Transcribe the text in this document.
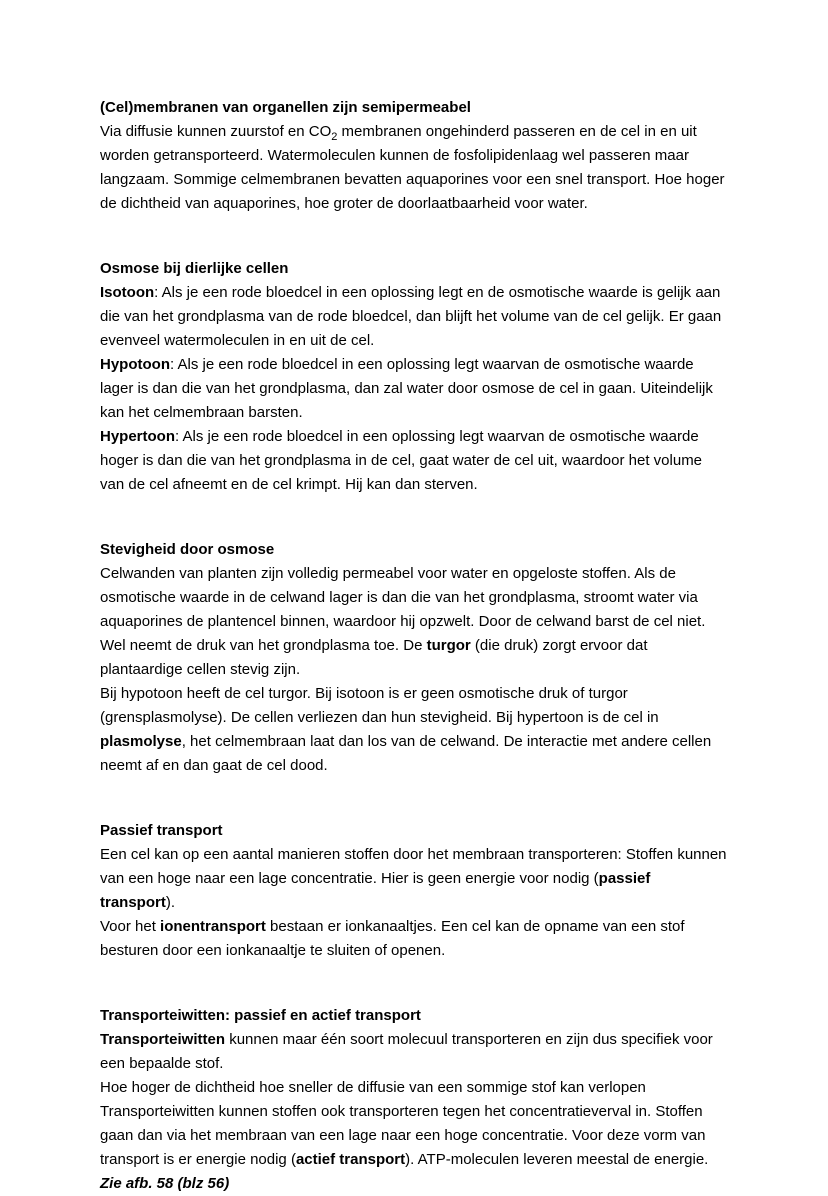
(Cel)membranen van organellen zijn semipermeabel

Via diffusie kunnen zuurstof en $CO_2$ membranen ongehinderd passeren en de cel in en uit worden getransporteerd. Watermoleculen kunnen de fosfolipidenlaag wel passeren maar langzaam. Sommige celmembranen bevatten aquaporines voor een snel transport. Hoe hoger de dichtheid van aquaporines, hoe groter de doorlaatbaarheid voor water.

Osmose bij dierlijke cellen

Isotoon: Als je een rode bloedcel in een oplossing legt en de osmotische waarde is gelijk aan die van het grondplasma van de rode bloedcel, dan blijft het volume van de cel gelijk. Er gaan evenveel watermoleculen in en uit de cel.

Hypotoon: Als je een rode bloedcel in een oplossing legt waarvan de osmotische waarde lager is dan die van het grondplasma, dan zal water door osmose de cel in gaan. Uiteindelijk kan het celmembraan barsten.

Hypertoon: Als je een rode bloedcel in een oplossing legt waarvan de osmotische waarde hoger is dan die van het grondplasma in de cel, gaat water de cel uit, waardoor het volume van de cel afneemt en de cel krimpt. Hij kan dan sterven.

Stevigheid door osmose

Celwanden van planten zijn volledig permeabel voor water en opgeloste stoffen. Als de osmotische waarde in de celwand lager is dan die van het grondplasma, stroomt water via aquaporines de plantencel binnen, waardoor hij opzwelt. Door de celwand barst de cel niet. Wel neemt de druk van het grondplasma toe. De turgor (die druk) zorgt ervoor dat plantaardige cellen stevig zijn.

Bij hypotoon heeft de cel turgor. Bij isotoon is er geen osmotische druk of turgor (grensplasmolyse). De cellen verliezen dan hun stevigheid. Bij hypertoon is de cel in plasmolyse, het celmembraan laat dan los van de celwand. De interactie met andere cellen neemt af en dan gaat de cel dood.

Passief transport

Een cel kan op een aantal manieren stoffen door het membraan transporteren: Stoffen kunnen van een hoge naar een lage concentratie. Hier is geen energie voor nodig (passief transport).

Voor het ionentransport bestaan er ionkanaaltjes. Een cel kan de opname van een stof besturen door een ionkanaaltje te sluiten of openen.

Transporteiwitten: passief en actief transport

Transporteiwitten kunnen maar één soort molecuul transporteren en zijn dus specifiek voor een bepaalde stof.

Hoe hoger de dichtheid hoe sneller de diffusie van een sommige stof kan verlopen

Transporteiwitten kunnen stoffen ook transporteren tegen het concentratieverval in. Stoffen gaan dan via het membraan van een lage naar een hoge concentratie. Voor deze vorm van transport is er energie nodig (actief transport). ATP-moleculen leveren meestal de energie. Zie afb. 58 (blz 56)
